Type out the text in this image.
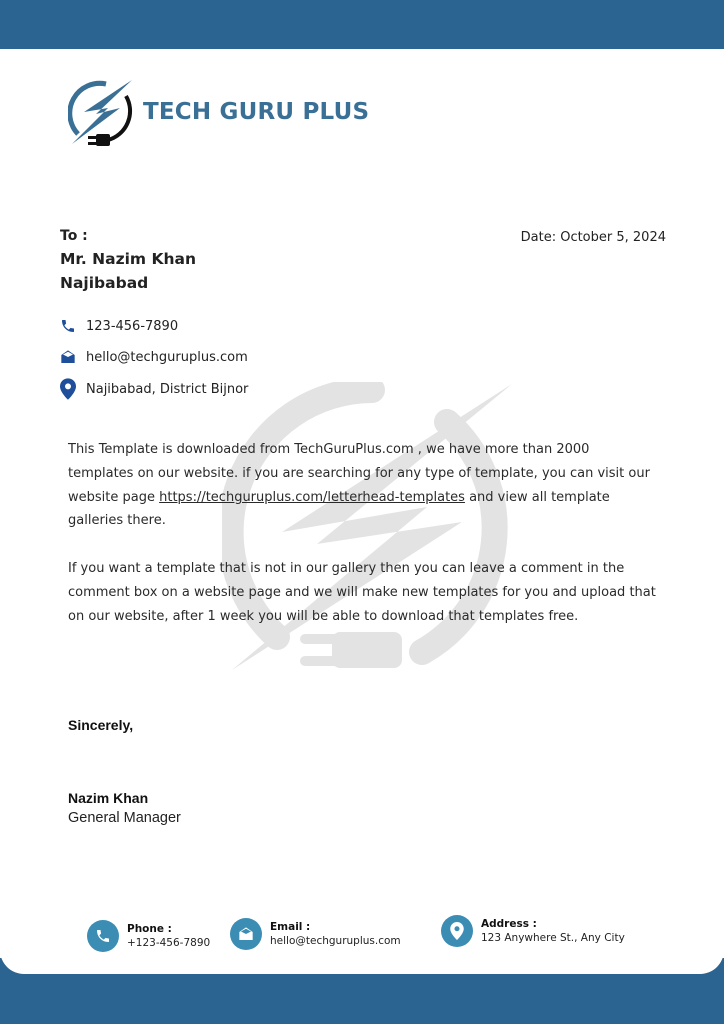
TECH GURU PLUS
To :
Mr. Nazim Khan
Najibabad
Date: October 5, 2024
123-456-7890
hello@techguruplus.com
Najibabad, District Bijnor

This Template is downloaded from TechGuruPlus.com , we have more than 2000 templates on our website. if you are searching for any type of template, you can visit our website page https://techguruplus.com/letterhead-templates and view all template galleries there.

If you want a template that is not in our gallery then you can leave a comment in the comment box on a website page and we will make new templates for you and upload that on our website, after 1 week you will be able to download that templates free.

Sincerely,
Nazim Khan
General Manager
Phone :
+123-456-7890
Email :
hello@techguruplus.com
Address :
123 Anywhere St., Any City
